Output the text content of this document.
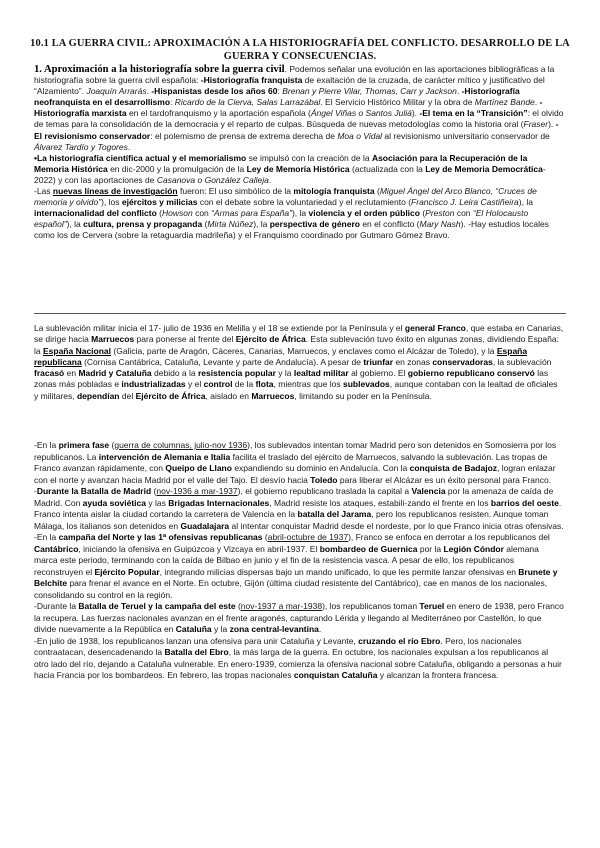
10.1 LA GUERRA CIVIL: APROXIMACIÓN A LA HISTORIOGRAFÍA DEL CONFLICTO. DESARROLLO DE LA GUERRA Y CONSECUENCIAS.

1. Aproximación a la historiografía sobre la guerra civil. Podemos señalar una evolución en las aportaciones bibliográficas a la historiografía sobre la guerra civil española: -Historiografía franquista de exaltación de la cruzada, de carácter mítico y justificativo del “Alzamiento”. Joaquín Arrarás. -Hispanistas desde los años 60: Brenan y Pierre Vilar, Thomas, Carr y Jackson. -Historiografía neofranquista en el desarrollismo: Ricardo de la Cierva, Salas Larrazábal. El Servicio Histórico Militar y la obra de Martínez Bande. -Historiografía marxista en el tardofranquismo y la aportación española (Ángel Viñas o Santos Juliá). -El tema en la “Transición”: el olvido de temas para la consolidación de la democracia y el reparto de culpas. Búsqueda de nuevas metodologías como la historia oral (Fraser). -El revisionismo conservador: el polemismo de prensa de extrema derecha de Moa o Vidal al revisionismo universitario conservador de Álvarez Tardío y Togores.

•La historiografía científica actual y el memorialismo se impulsó con la creación de la Asociación para la Recuperación de la Memoria Histórica en dic-2000 y la promulgación de la Ley de Memoria Histórica (actualizada con la Ley de Memoria Democrática-2022) y con las aportaciones de Casanova o González Calleja.

-Las nuevas líneas de investigación fueron: El uso simbólico de la mitología franquista (Miguel Ángel del Arco Blanco, “Cruces de memoria y olvido”), los ejércitos y milicias con el debate sobre la voluntariedad y el reclutamiento (Francisco J. Leira Castiñeira), la internacionalidad del conflicto (Howson con “Armas para España”), la violencia y el orden público (Preston con “El Holocausto español”), la cultura, prensa y propaganda (Mirta Núñez), la perspectiva de género en el conflicto (Mary Nash). -Hay estudios locales como los de Cervera (sobre la retaguardia madrileña) y el Franquismo coordinado por Gutmaro Gómez Bravo.

La sublevación militar inicia el 17- julio de 1936 en Melilla y el 18 se extiende por la Península y el general Franco, que estaba en Canarias, se dirige hacia Marruecos para ponerse al frente del Ejército de África. Esta sublevación tuvo éxito en algunas zonas, dividiendo España: la España Nacional (Galicia, parte de Aragón, Cáceres, Canarias, Marruecos, y enclaves como el Alcázar de Toledo), y la España republicana (Cornisa Cantábrica, Cataluña, Levante y parte de Andalucía). A pesar de triunfar en zonas conservadoras, la sublevación fracasó en Madrid y Cataluña debido a la resistencia popular y la lealtad militar al gobierno. El gobierno republicano conservó las zonas más pobladas e industrializadas y el control de la flota, mientras que los sublevados, aunque contaban con la lealtad de oficiales y militares, dependían del Ejército de África, aislado en Marruecos, limitando su poder en la Península.

-En la primera fase (guerra de columnas, julio-nov 1936), los sublevados intentan tomar Madrid pero son detenidos en Somosierra por los republicanos. La intervención de Alemania e Italia facilita el traslado del ejército de Marruecos, salvando la sublevación. Las tropas de Franco avanzan rápidamente, con Queipo de Llano expandiendo su dominio en Andalucía. Con la conquista de Badajoz, logran enlazar con el norte y avanzan hacia Madrid por el valle del Tajo. El desvío hacia Toledo para liberar el Alcázar es un éxito personal para Franco.

-Durante la Batalla de Madrid (nov-1936 a mar-1937), el gobierno republicano traslada la capital a Valencia por la amenaza de caída de Madrid. Con ayuda soviética y las Brigadas Internacionales, Madrid resiste los ataques, estabili-zando el frente en los barrios del oeste. Franco intenta aislar la ciudad cortando la carretera de Valencia en la batalla del Jarama, pero los republicanos resisten. Aunque toman Málaga, los italianos son detenidos en Guadalajara al intentar conquistar Madrid desde el nordeste, por lo que Franco inicia otras ofensivas.

-En la campaña del Norte y las 1ª ofensivas republicanas (abril-octubre de 1937), Franco se enfoca en derrotar a los republicanos del Cantábrico, iniciando la ofensiva en Guipúzcoa y Vizcaya en abril-1937. El bombardeo de Guernica por la Legión Cóndor alemana marca este periodo, terminando con la caída de Bilbao en junio y el fin de la resistencia vasca. A pesar de ello, los republicanos reconstruyen el Ejército Popular, integrando milicias dispersas bajo un mando unificado, lo que les permite lanzar ofensivas en Brunete y Belchite para frenar el avance en el Norte. En octubre, Gijón (última ciudad resistente del Cantábrico), cae en manos de los nacionales, consolidando su control en la región.

-Durante la Batalla de Teruel y la campaña del este (nov-1937 a mar-1938), los republicanos toman Teruel en enero de 1938, pero Franco la recupera. Las fuerzas nacionales avanzan en el frente aragonés, capturando Lérida y llegando al Mediterráneo por Castellón, lo que divide nuevamente a la República en Cataluña y la zona central-levantina.

-En julio de 1938, los republicanos lanzan una ofensiva para unir Cataluña y Levante, cruzando el río Ebro. Pero, los nacionales contraatacan, desencadenando la Batalla del Ebro, la más larga de la guerra. En octubre, los nacionales expulsan a los republicanos al otro lado del río, dejando a Cataluña vulnerable. En enero-1939, comienza la ofensiva nacional sobre Cataluña, obligando a personas a huir hacia Francia por los bombardeos. En febrero, las tropas nacionales conquistan Cataluña y alcanzan la frontera francesa.
